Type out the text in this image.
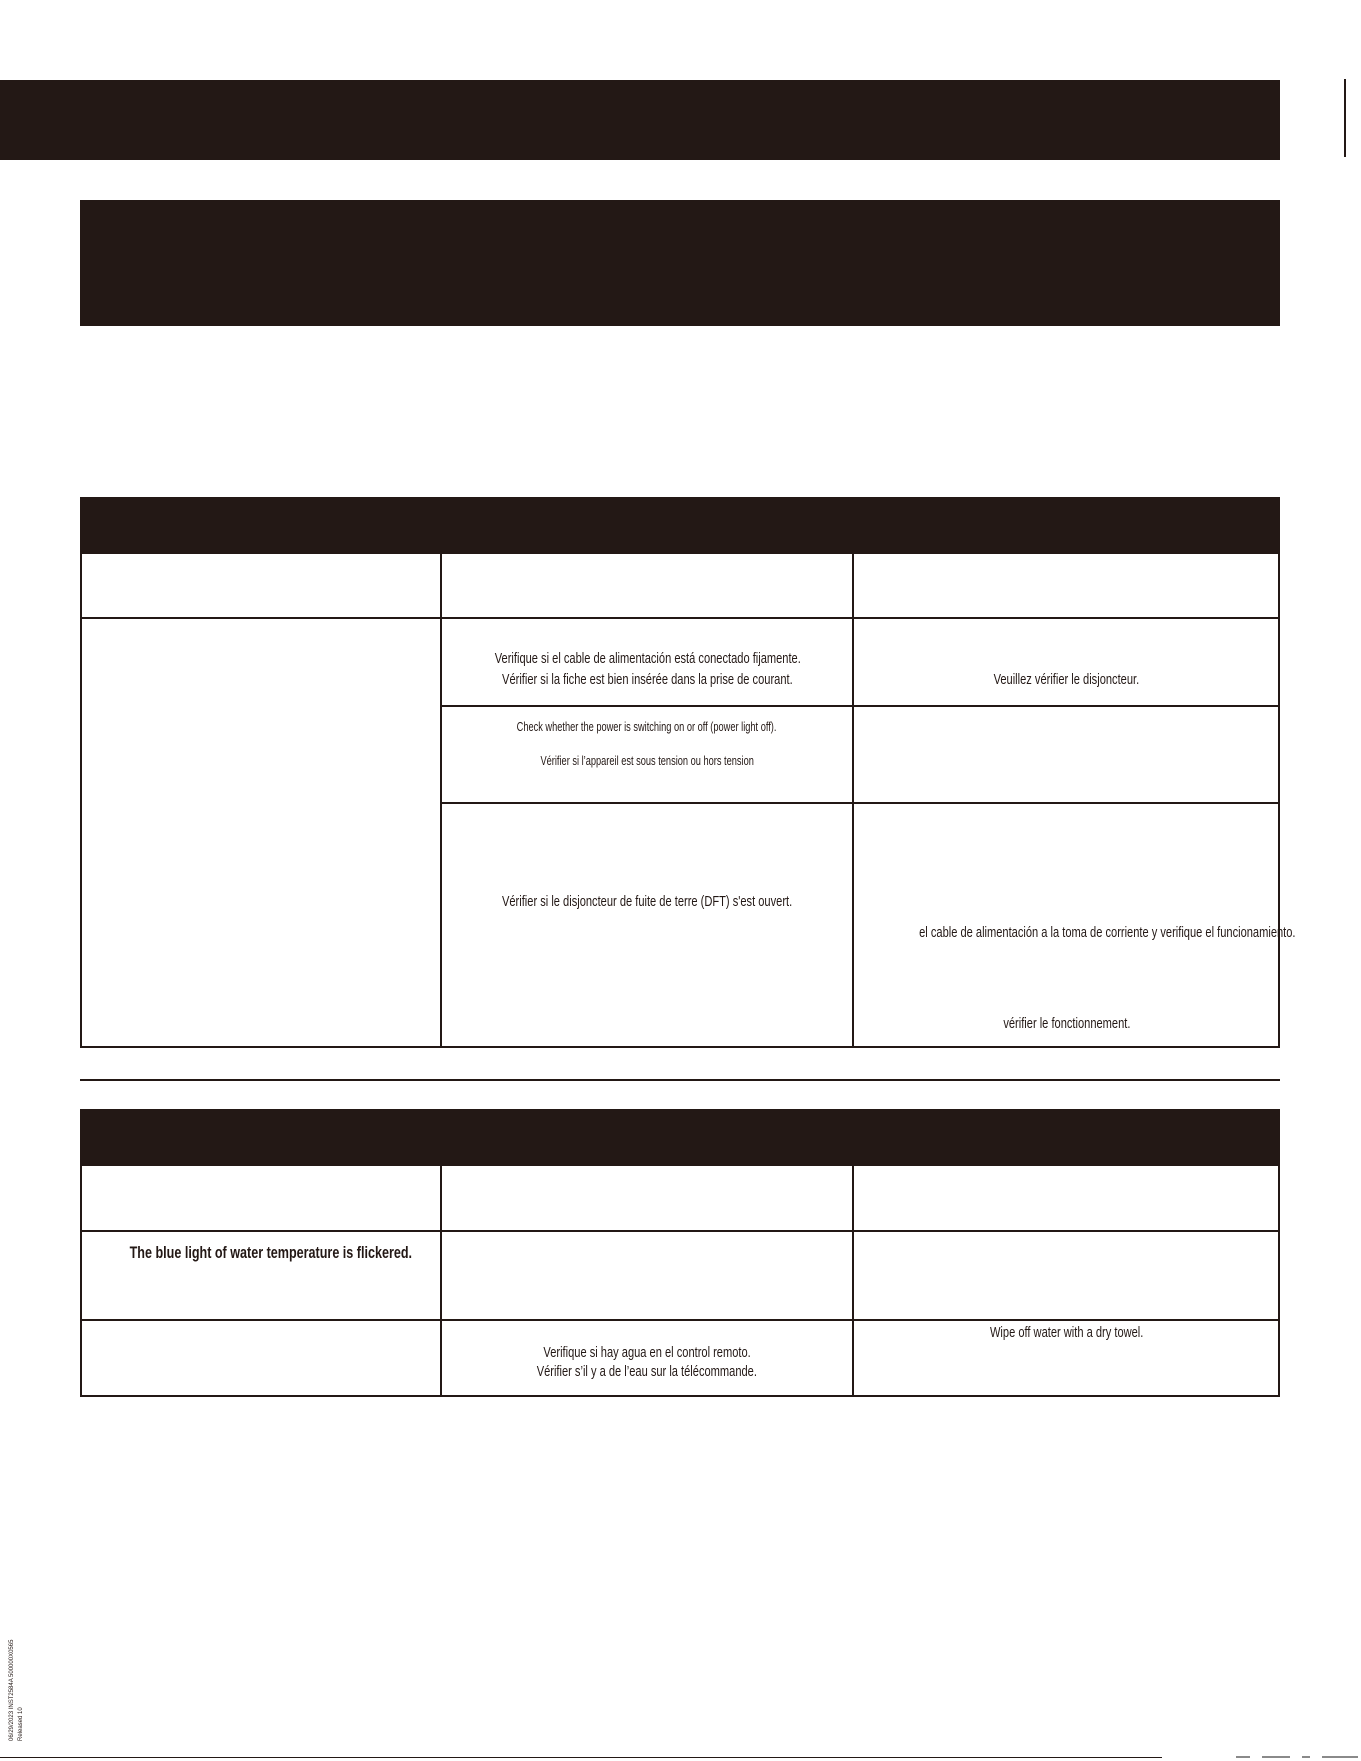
Verifique si el cable de alimentación está conectado fijamente.
Vérifier si la fiche est bien insérée dans la prise de courant.	Veuillez vérifier le disjoncteur.
Check whether the power is switching on or off (power light off).
Vérifier si l’appareil est sous tension ou hors tension
Vérifier si le disjoncteur de fuite de terre (DFT) s'est ouvert.
el cable de alimentación a la toma de corriente y verifique el funcionamiento.
vérifier le fonctionnement.
The blue light of water temperature is flickered.
Verifique si hay agua en el control remoto.
Vérifier s’il y a de l’eau sur la télécommande.
Wipe off water with a dry towel.
06/29/2023 INST2584A 500000X0565 Released 10
